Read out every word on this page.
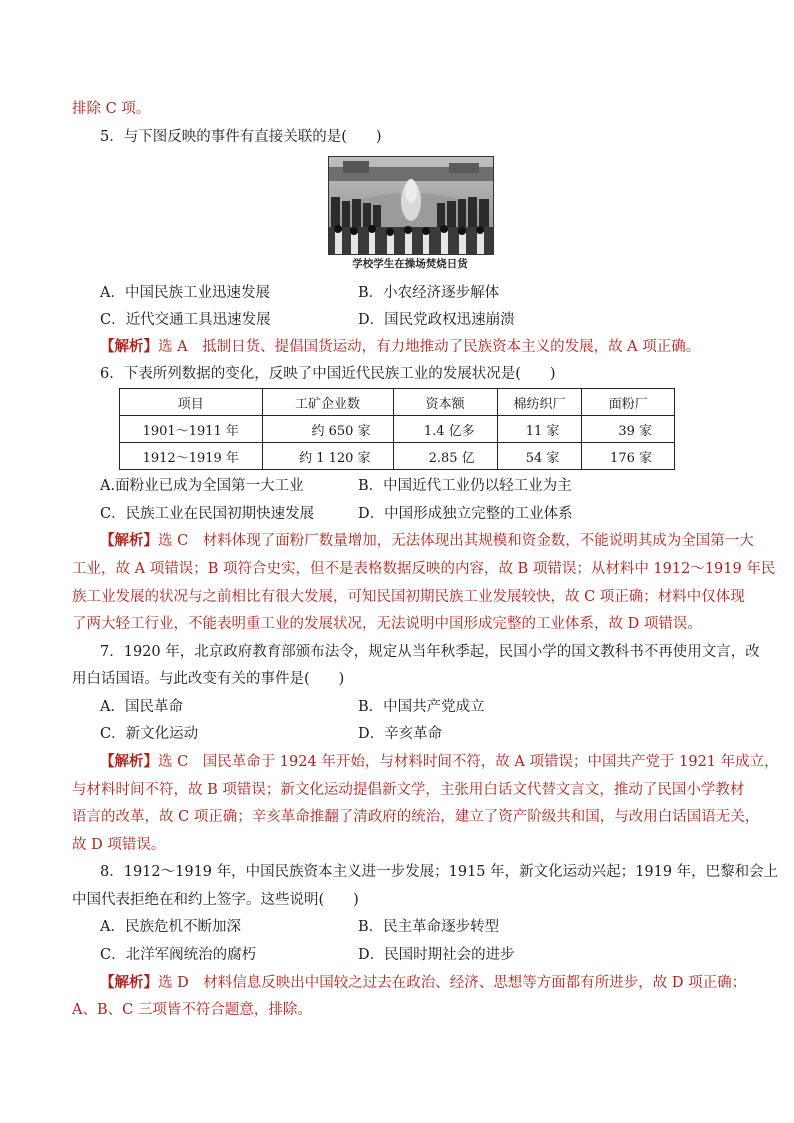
排除 C 项。
5．与下图反映的事件有直接关联的是(　　)
学校学生在操场焚烧日货
A．中国民族工业迅速发展	B．小农经济逐步解体
C．近代交通工具迅速发展	D．国民党政权迅速崩溃
【解析】选 A　抵制日货、提倡国货运动，有力地推动了民族资本主义的发展，故 A 项正确。
6．下表所列数据的变化，反映了中国近代民族工业的发展状况是(　　)
项目	工矿企业数	资本额	棉纺织厂	面粉厂
1901～1911 年	约 650 家	1.4 亿多	11 家	39 家
1912～1919 年	约 1 120 家	2.85 亿	54 家	176 家
A.面粉业已成为全国第一大工业	B．中国近代工业仍以轻工业为主
C．民族工业在民国初期快速发展	D．中国形成独立完整的工业体系
【解析】选 C　材料体现了面粉厂数量增加，无法体现出其规模和资金数，不能说明其成为全国第一大
工业，故 A 项错误；B 项符合史实，但不是表格数据反映的内容，故 B 项错误；从材料中 1912～1919 年民
族工业发展的状况与之前相比有很大发展，可知民国初期民族工业发展较快，故 C 项正确；材料中仅体现
了两大轻工行业，不能表明重工业的发展状况，无法说明中国形成完整的工业体系，故 D 项错误。
7．1920 年，北京政府教育部颁布法令，规定从当年秋季起，民国小学的国文教科书不再使用文言，改
用白话国语。与此改变有关的事件是(　　)
A．国民革命	B．中国共产党成立
C．新文化运动	D．辛亥革命
【解析】选 C　国民革命于 1924 年开始，与材料时间不符，故 A 项错误；中国共产党于 1921 年成立，
与材料时间不符，故 B 项错误；新文化运动提倡新文学，主张用白话文代替文言文，推动了民国小学教材
语言的改革，故 C 项正确；辛亥革命推翻了清政府的统治，建立了资产阶级共和国，与改用白话国语无关，
故 D 项错误。
8．1912～1919 年，中国民族资本主义进一步发展；1915 年，新文化运动兴起；1919 年，巴黎和会上
中国代表拒绝在和约上签字。这些说明(　　)
A．民族危机不断加深	B．民主革命逐步转型
C．北洋军阀统治的腐朽	D．民国时期社会的进步
【解析】选 D　材料信息反映出中国较之过去在政治、经济、思想等方面都有所进步，故 D 项正确；
A、B、C 三项皆不符合题意，排除。
